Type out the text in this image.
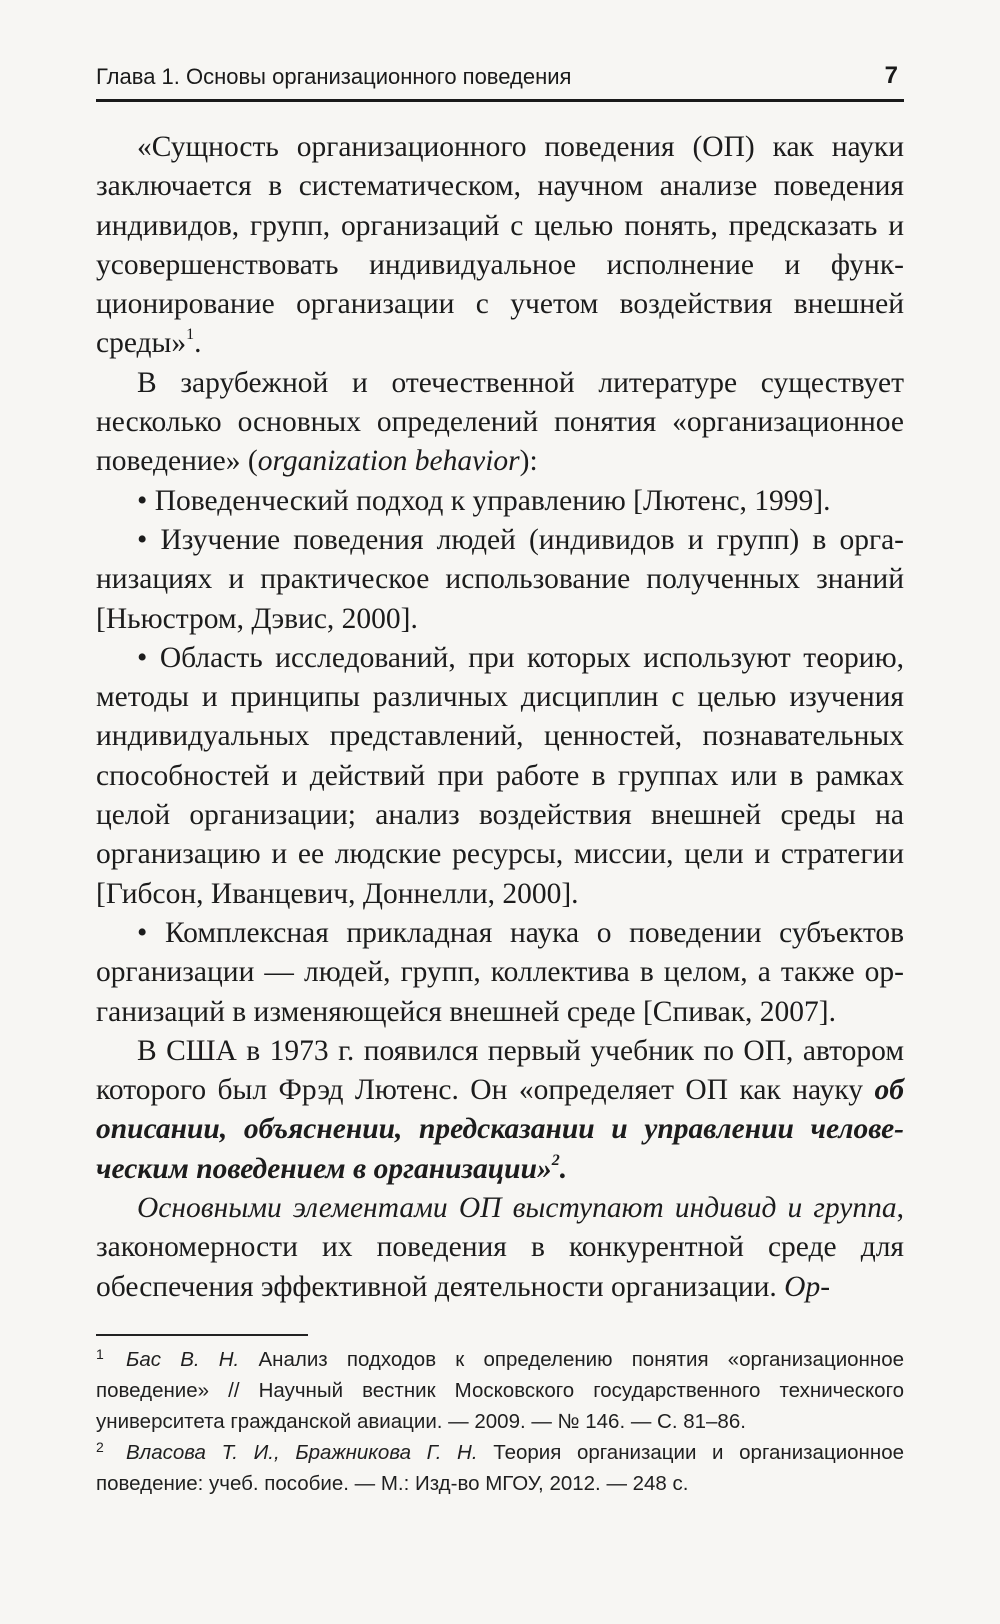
Глава 1. Основы организационного поведения	7

«Сущность организационного поведения (ОП) как науки заключается в систематическом, научном анализе поведения индивидов, групп, организаций с целью понять, предсказать и усовершенствовать индивидуальное исполнение и функционирование организации с учетом воздействия внешней среды»$^1$.

В зарубежной и отечественной литературе существует несколько основных определений понятия «организационное поведение» (organization behavior):

• Поведенческий подход к управлению [Лютенс, 1999].

• Изучение поведения людей (индивидов и групп) в организациях и практическое использование полученных знаний [Ньюстром, Дэвис, 2000].

• Область исследований, при которых используют теорию, методы и принципы различных дисциплин с целью изучения индивидуальных представлений, ценностей, познавательных способностей и действий при работе в группах или в рамках целой организации; анализ воздействия внешней среды на организацию и ее людские ресурсы, миссии, цели и стратегии [Гибсон, Иванцевич, Доннелли, 2000].

• Комплексная прикладная наука о поведении субъектов организации — людей, групп, коллектива в целом, а также организаций в изменяющейся внешней среде [Спивак, 2007].

В США в 1973 г. появился первый учебник по ОП, автором которого был Фрэд Лютенс. Он «определяет ОП как науку об описании, объяснении, предсказании и управлении человеческим поведением в организации»$^2$.

Основными элементами ОП выступают индивид и группа, закономерности их поведения в конкурентной среде для обеспечения эффективной деятельности организации. Ор-

1 Бас В. Н. Анализ подходов к определению понятия «организационное поведение» // Научный вестник Московского государственного технического университета гражданской авиации. — 2009. — № 146. — С. 81–86.

2 Власова Т. И., Бражникова Г. Н. Теория организации и организационное поведение: учеб. пособие. — М.: Изд-во МГОУ, 2012. — 248 с.
